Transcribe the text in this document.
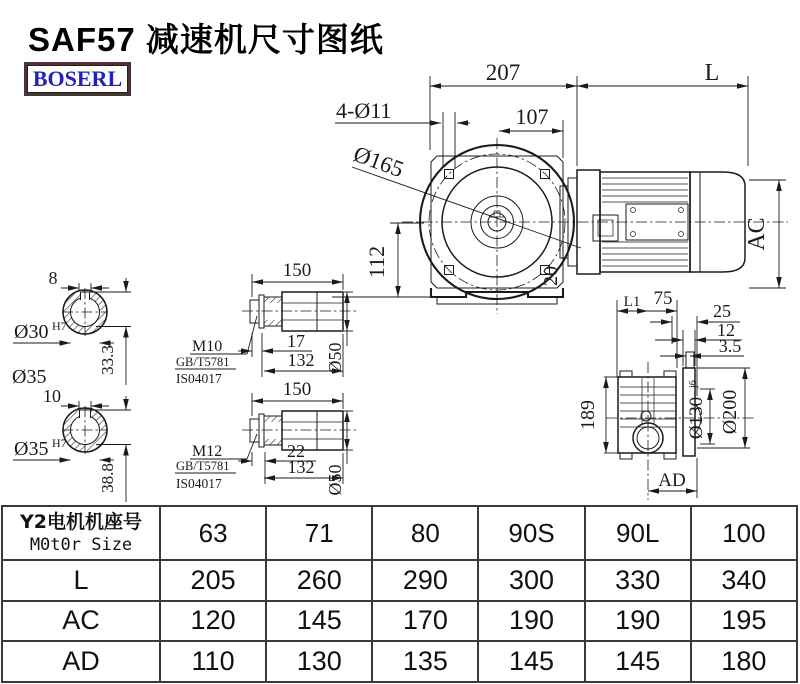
SAF57 减速机尺寸图纸
BOSERL	207	L
4-Ø11	107
Ø165
112	20
AC
L1 75
25
12
3.5
189	Ø130
j6
Ø200
AD
8
Ø30 H7
33.3
Ø35
10
Ø35 H7
38.8
150
17
132 Ø50
M10
GB/T5781
IS04017
150
22
132 Ø50
M12
GB/T5781
IS04017
Y2电机机座号
M0t0r Size	63	71	80	90S	90L	100
L	205	260	290	300	330	340
AC	120	145	170	190	190	195
AD	110	130	135	145	145	180
